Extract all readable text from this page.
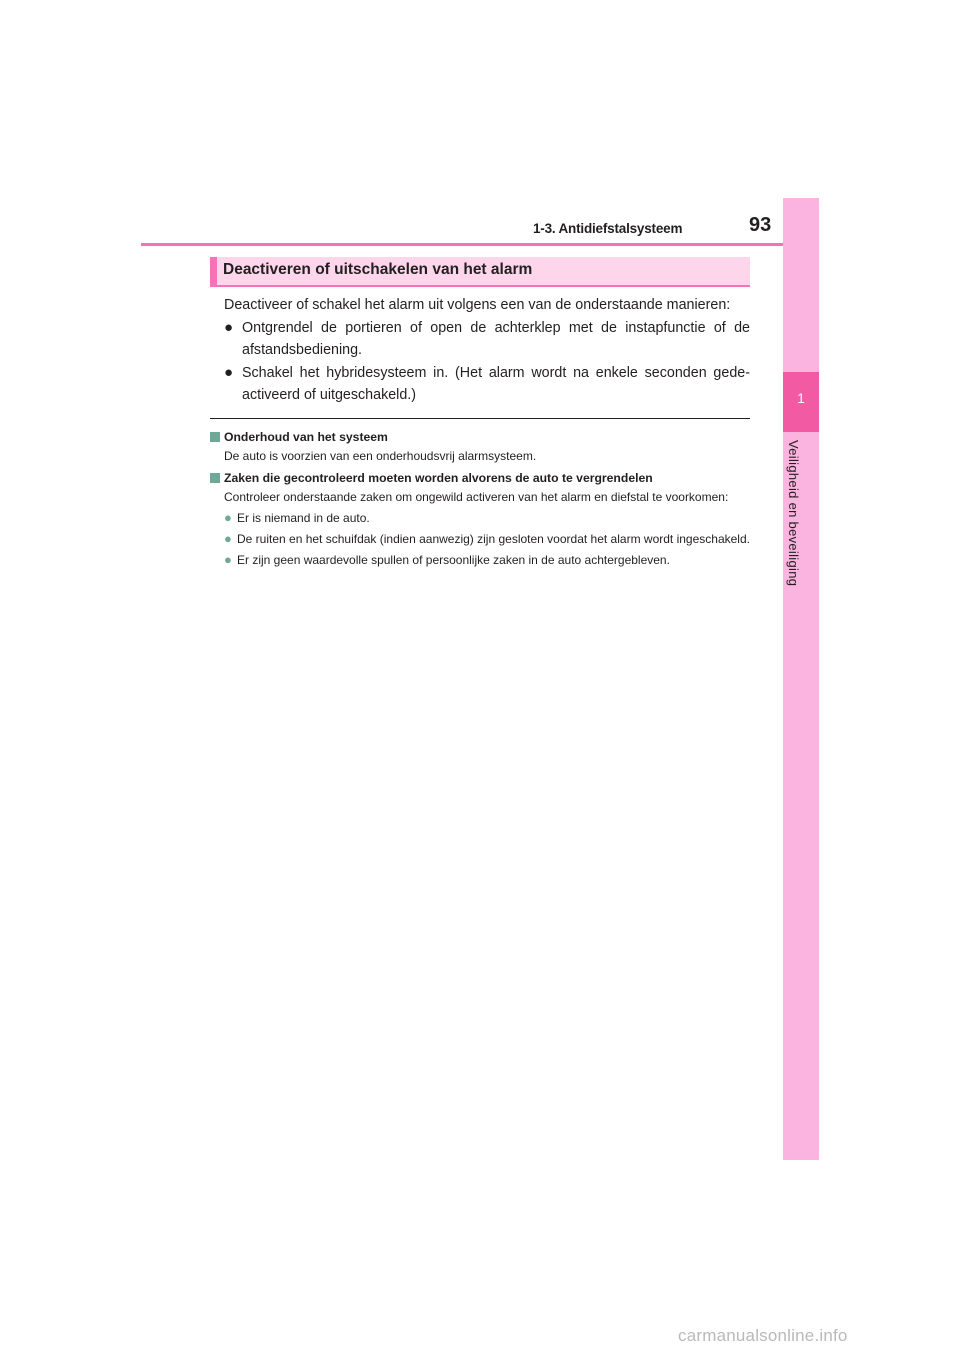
1-3. Antidiefstalsysteem	93
1
Veiligheid en beveiliging
Deactiveren of uitschakelen van het alarm
Deactiveer of schakel het alarm uit volgens een van de onderstaande manieren:
● Ontgrendel de portieren of open de achterklep met de instapfunctie of de afstandsbediening.
● Schakel het hybridesysteem in. (Het alarm wordt na enkele seconden gede-activeerd of uitgeschakeld.)
Onderhoud van het systeem
De auto is voorzien van een onderhoudsvrij alarmsysteem.
Zaken die gecontroleerd moeten worden alvorens de auto te vergrendelen
Controleer onderstaande zaken om ongewild activeren van het alarm en diefstal te voorkomen:
● Er is niemand in de auto.
● De ruiten en het schuifdak (indien aanwezig) zijn gesloten voordat het alarm wordt ingeschakeld.
● Er zijn geen waardevolle spullen of persoonlijke zaken in de auto achtergebleven.
carmanualsonline.info
